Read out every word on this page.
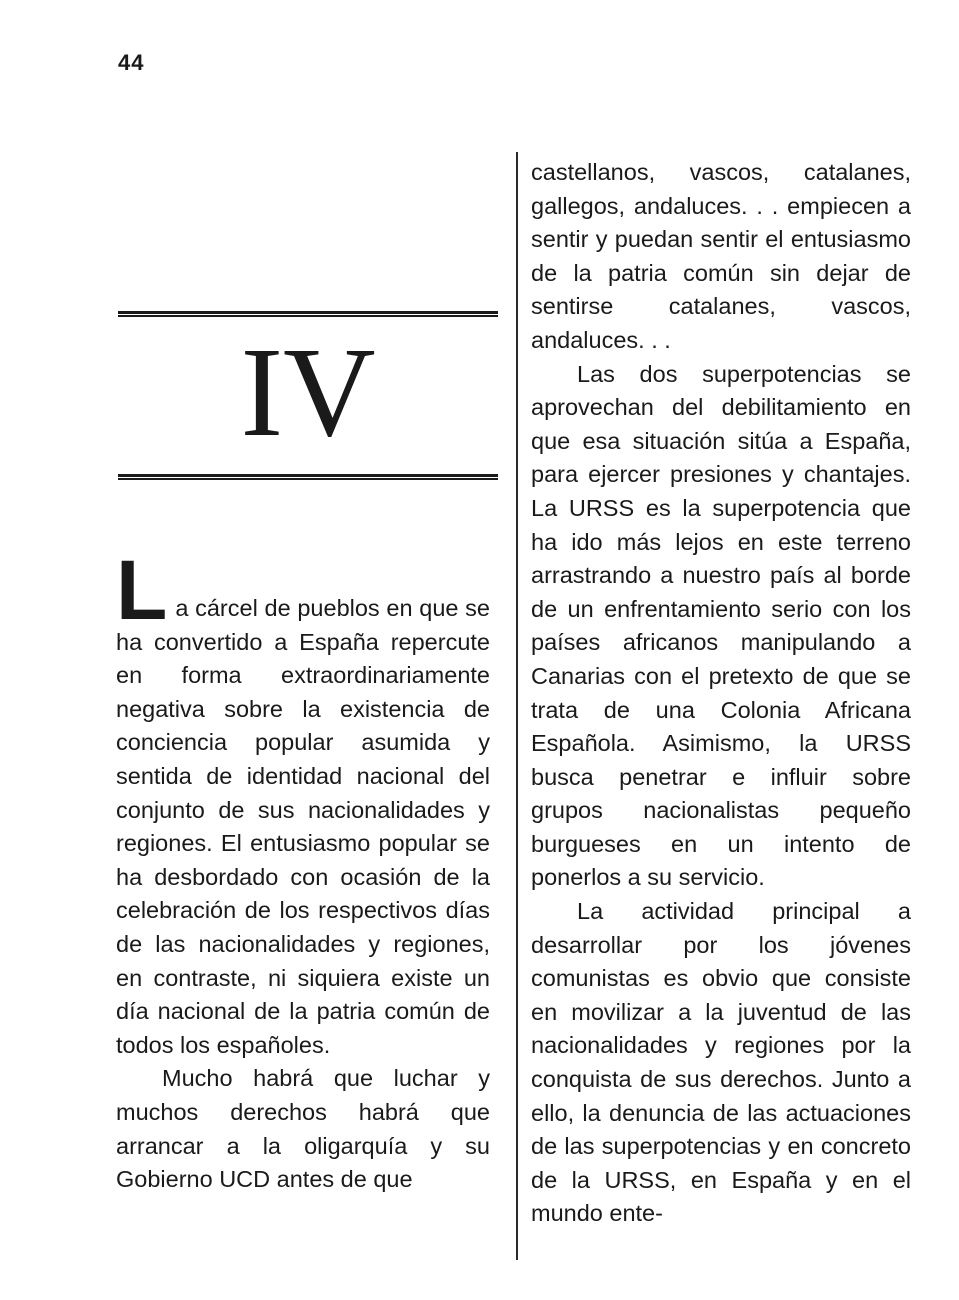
44
IV

L a cárcel de pueblos en que se ha convertido a España repercute en forma extraordinariamente negativa sobre la existencia de conciencia popular asumida y sentida de identidad nacional del conjunto de sus nacionalidades y regiones. El entusiasmo popular se ha desbordado con ocasión de la celebración de los respectivos días de las nacionalidades y regiones, en contraste, ni siquiera existe un día nacional de la patria común de todos los españoles.

Mucho habrá que luchar y muchos derechos habrá que arrancar a la oligarquía y su Gobierno UCD antes de que

castellanos, vascos, catalanes, gallegos, andaluces. . . empiecen a sentir y puedan sentir el entusiasmo de la patria común sin dejar de sentirse catalanes, vascos, andaluces. . .

Las dos superpotencias se aprovechan del debilitamiento en que esa situación sitúa a España, para ejercer presiones y chantajes. La URSS es la superpotencia que ha ido más lejos en este terreno arrastrando a nuestro país al borde de un enfrentamiento serio con los países africanos manipulando a Canarias con el pretexto de que se trata de una Colonia Africana Española. Asimismo, la URSS busca penetrar e influir sobre grupos nacionalistas pequeño burgueses en un intento de ponerlos a su servicio.

La actividad principal a desarrollar por los jóvenes comunistas es obvio que consiste en movilizar a la juventud de las nacionalidades y regiones por la conquista de sus derechos. Junto a ello, la denuncia de las actuaciones de las superpotencias y en concreto de la URSS, en España y en el mundo ente-
